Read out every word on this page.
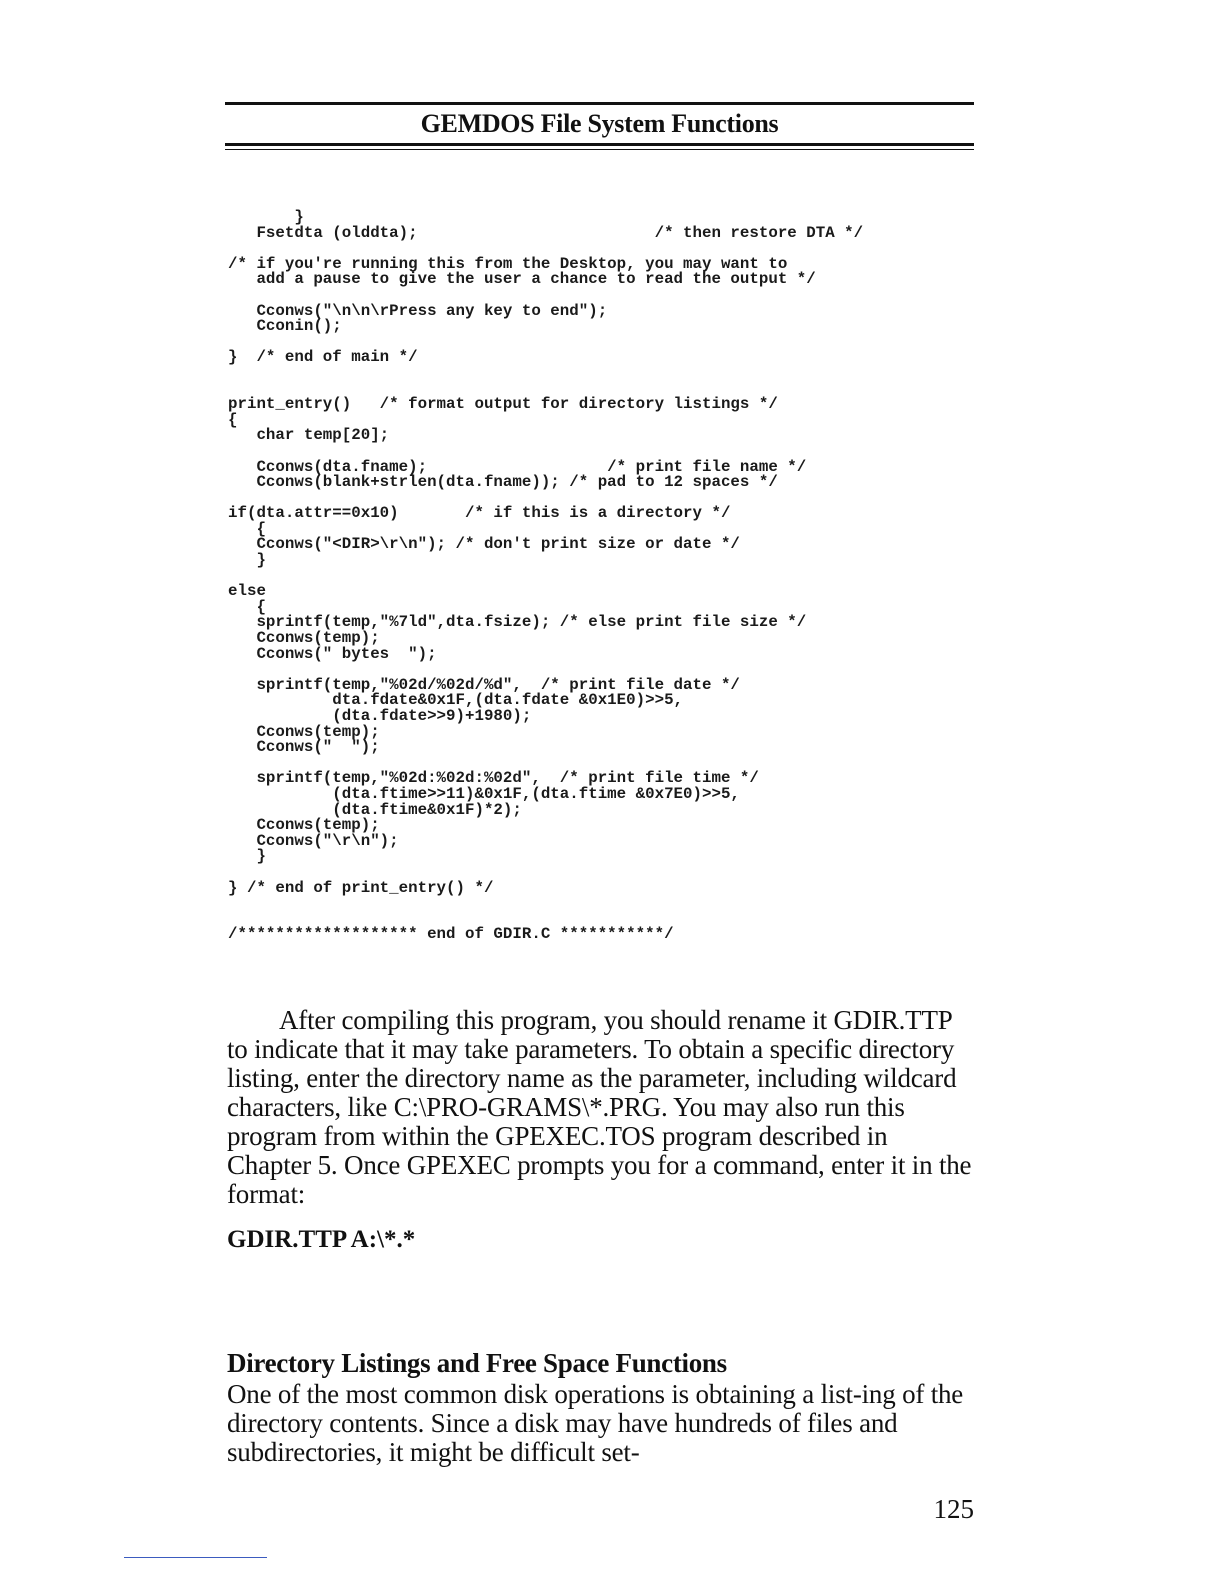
GEMDOS File System Functions
}
Fsetdta (olddta);                         /* then restore DTA */

/* if you're running this from the Desktop, you may want to
add a pause to give the user a chance to read the output */

Cconws("\n\n\rPress any key to end");
Cconin();

}  /* end of main */

print_entry()   /* format output for directory listings */
{
char temp[20];

Cconws(dta.fname);                   /* print file name */
Cconws(blank+strlen(dta.fname)); /* pad to 12 spaces */

if(dta.attr==0x10)       /* if this is a directory */
{
Cconws("<DIR>\r\n"); /* don't print size or date */
}

else
{
sprintf(temp,"%7ld",dta.fsize); /* else print file size */
Cconws(temp);
Cconws(" bytes  ");

sprintf(temp,"%02d/%02d/%d",  /* print file date */
dta.fdate&0x1F,(dta.fdate &0x1E0)>>5,
(dta.fdate>>9)+1980);
Cconws(temp);
Cconws("  ");

sprintf(temp,"%02d:%02d:%02d",  /* print file time */
(dta.ftime>>11)&0x1F,(dta.ftime &0x7E0)>>5,
(dta.ftime&0x1F)*2);
Cconws(temp);
Cconws("\r\n");
}

} /* end of print_entry() */

/******************* end of GDIR.C ***********/

After compiling this program, you should rename it GDIR.TTP to indicate that it may take parameters. To obtain a specific directory listing, enter the directory name as the parameter, including wildcard characters, like C:\PRO-GRAMS\*.PRG. You may also run this program from within the GPEXEC.TOS program described in Chapter 5. Once GPEXEC prompts you for a command, enter it in the format:

GDIR.TTP A:\*.*
Directory Listings and Free Space Functions

One of the most common disk operations is obtaining a list-ing of the directory contents. Since a disk may have hundreds of files and subdirectories, it might be difficult set-

125
